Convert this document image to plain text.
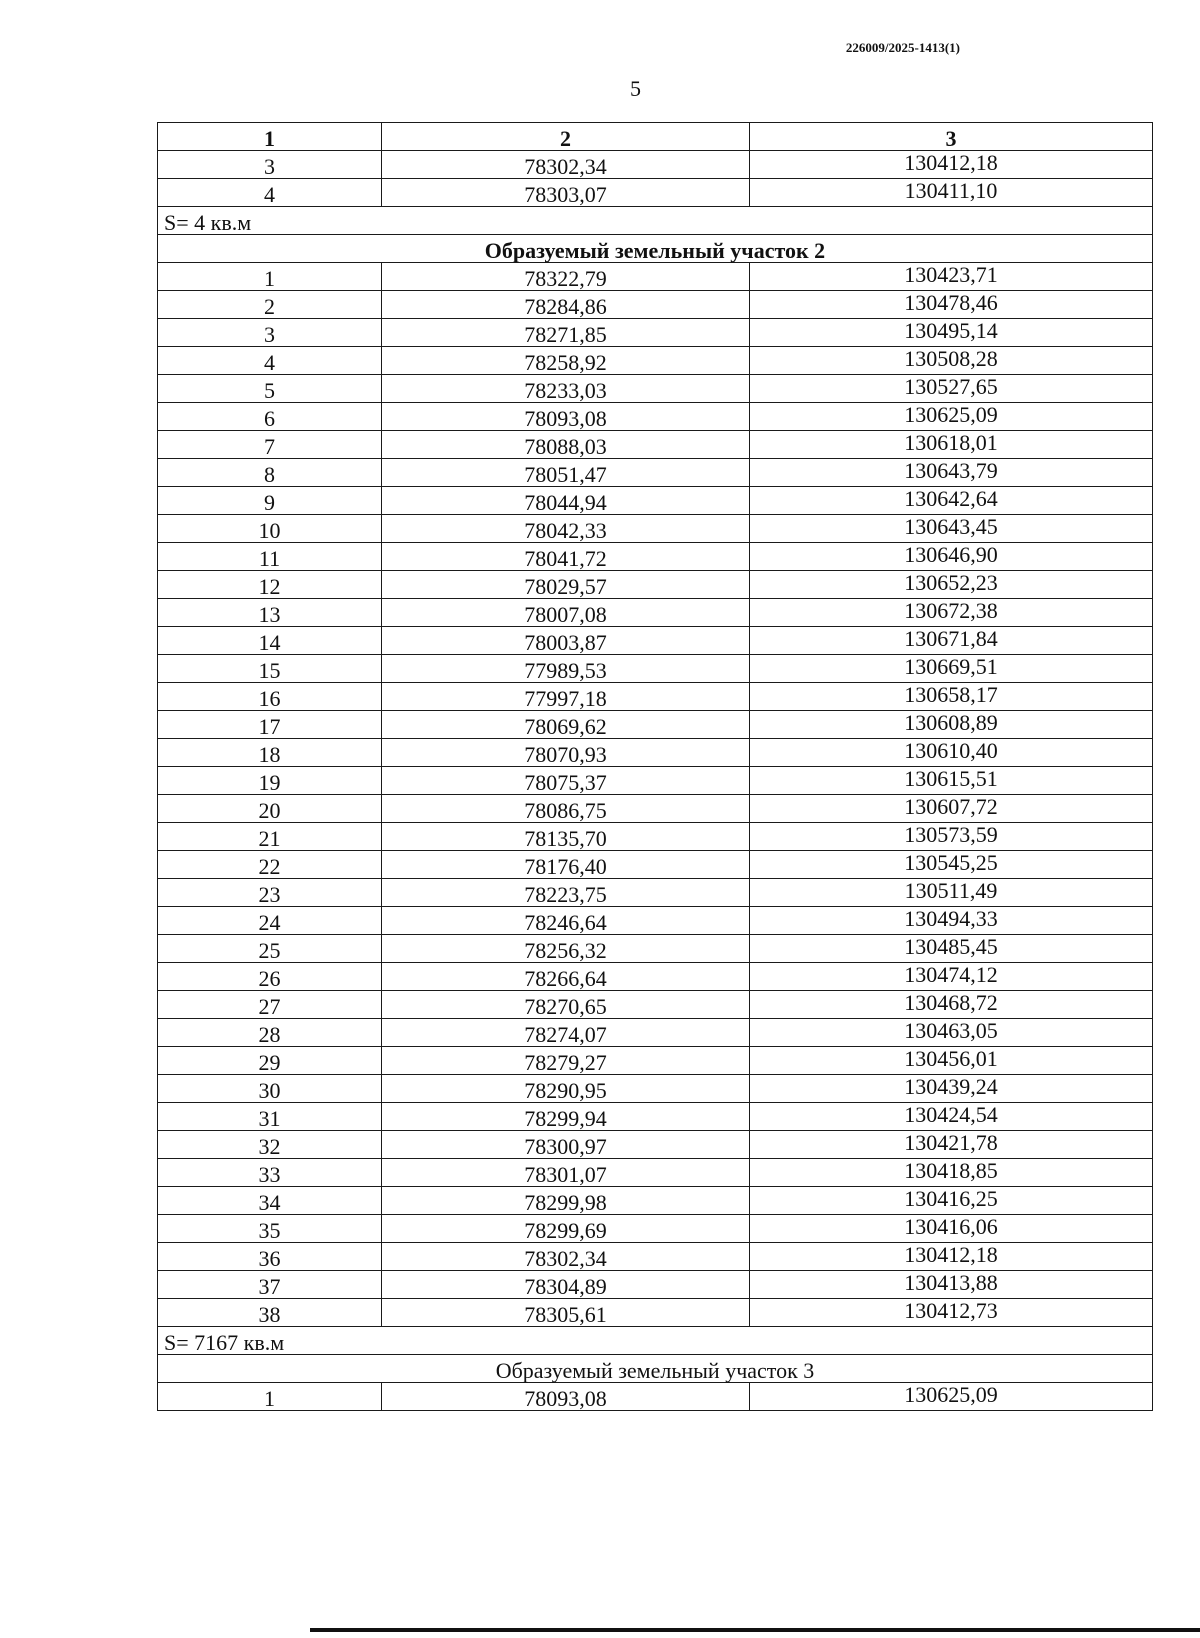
226009/2025-1413(1)
5
1	2	3
3	78302,34	130412,18
4	78303,07	130411,10
S= 4 кв.м		
Образуемый земельный участок 2		
1	78322,79	130423,71
2	78284,86	130478,46
3	78271,85	130495,14
4	78258,92	130508,28
5	78233,03	130527,65
6	78093,08	130625,09
7	78088,03	130618,01
8	78051,47	130643,79
9	78044,94	130642,64
10	78042,33	130643,45
11	78041,72	130646,90
12	78029,57	130652,23
13	78007,08	130672,38
14	78003,87	130671,84
15	77989,53	130669,51
16	77997,18	130658,17
17	78069,62	130608,89
18	78070,93	130610,40
19	78075,37	130615,51
20	78086,75	130607,72
21	78135,70	130573,59
22	78176,40	130545,25
23	78223,75	130511,49
24	78246,64	130494,33
25	78256,32	130485,45
26	78266,64	130474,12
27	78270,65	130468,72
28	78274,07	130463,05
29	78279,27	130456,01
30	78290,95	130439,24
31	78299,94	130424,54
32	78300,97	130421,78
33	78301,07	130418,85
34	78299,98	130416,25
35	78299,69	130416,06
36	78302,34	130412,18
37	78304,89	130413,88
38	78305,61	130412,73
S= 7167 кв.м		
Образуемый земельный участок 3		
1	78093,08	130625,09
